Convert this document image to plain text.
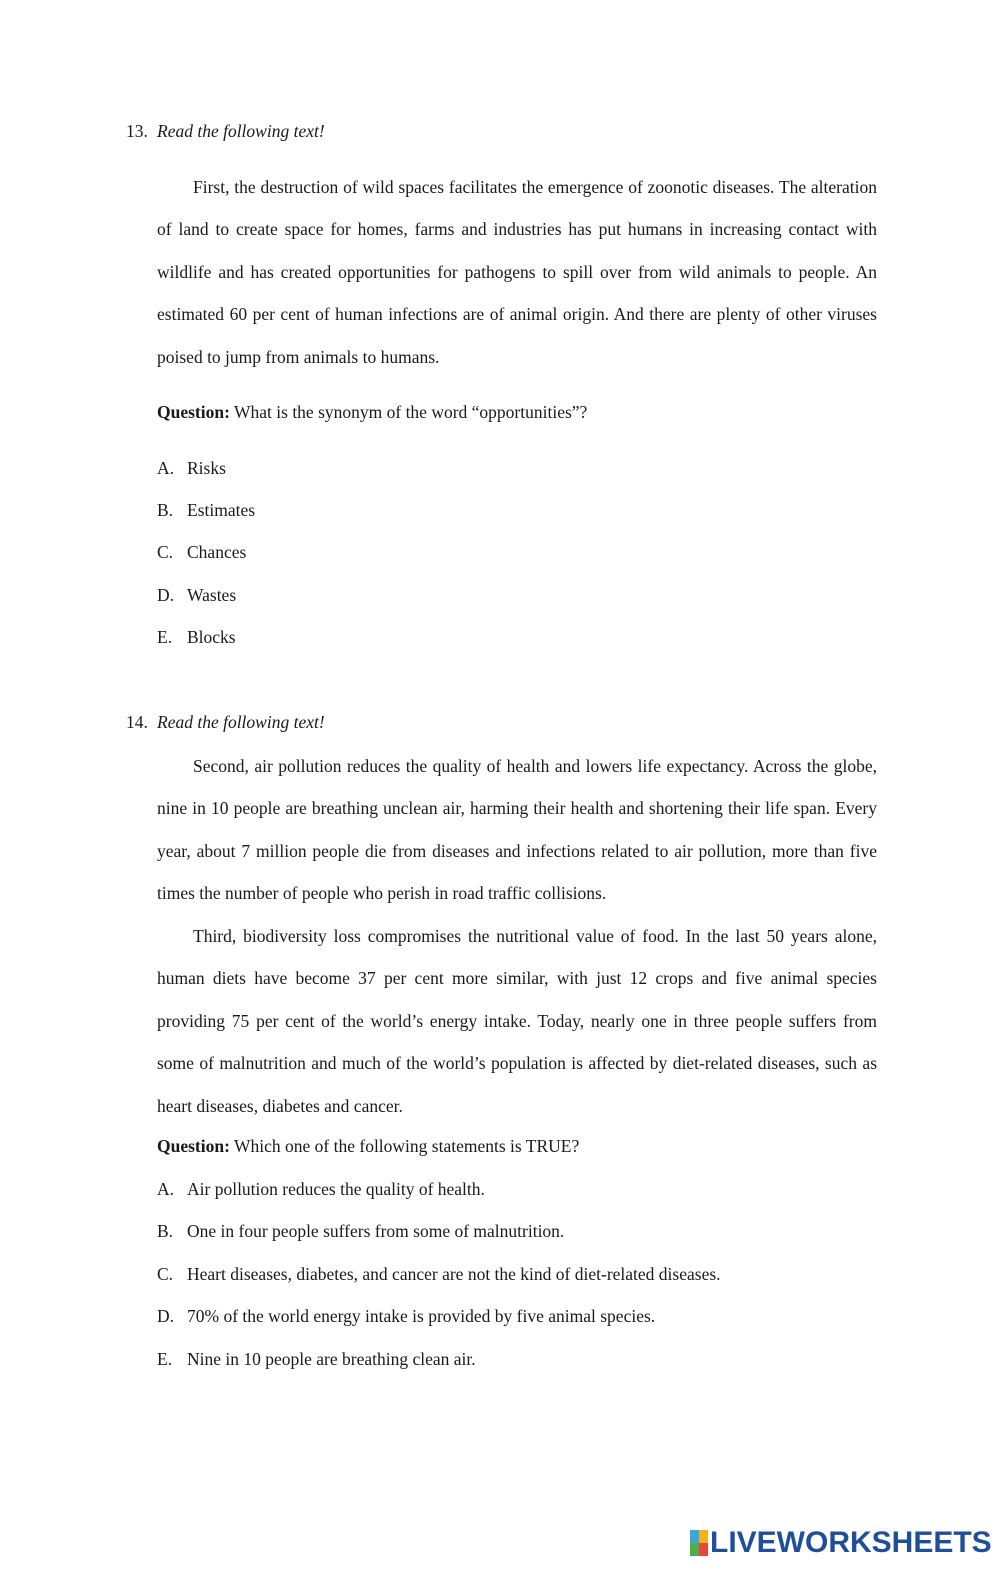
13. Read the following text!

First, the destruction of wild spaces facilitates the emergence of zoonotic diseases. The alteration of land to create space for homes, farms and industries has put humans in increasing contact with wildlife and has created opportunities for pathogens to spill over from wild animals to people. An estimated 60 per cent of human infections are of animal origin. And there are plenty of other viruses poised to jump from animals to humans.

Question: What is the synonym of the word “opportunities”?
A. Risks
B. Estimates
C. Chances
D. Wastes
E. Blocks
14. Read the following text!

Second, air pollution reduces the quality of health and lowers life expectancy. Across the globe, nine in 10 people are breathing unclean air, harming their health and shortening their life span. Every year, about 7 million people die from diseases and infections related to air pollution, more than five times the number of people who perish in road traffic collisions.

Third, biodiversity loss compromises the nutritional value of food. In the last 50 years alone, human diets have become 37 per cent more similar, with just 12 crops and five animal species providing 75 per cent of the world’s energy intake. Today, nearly one in three people suffers from some of malnutrition and much of the world’s population is affected by diet-related diseases, such as heart diseases, diabetes and cancer.

Question: Which one of the following statements is TRUE?
A. Air pollution reduces the quality of health.
B. One in four people suffers from some of malnutrition.
C. Heart diseases, diabetes, and cancer are not the kind of diet-related diseases.
D. 70% of the world energy intake is provided by five animal species.
E. Nine in 10 people are breathing clean air.
LIVEWORKSHEETS
